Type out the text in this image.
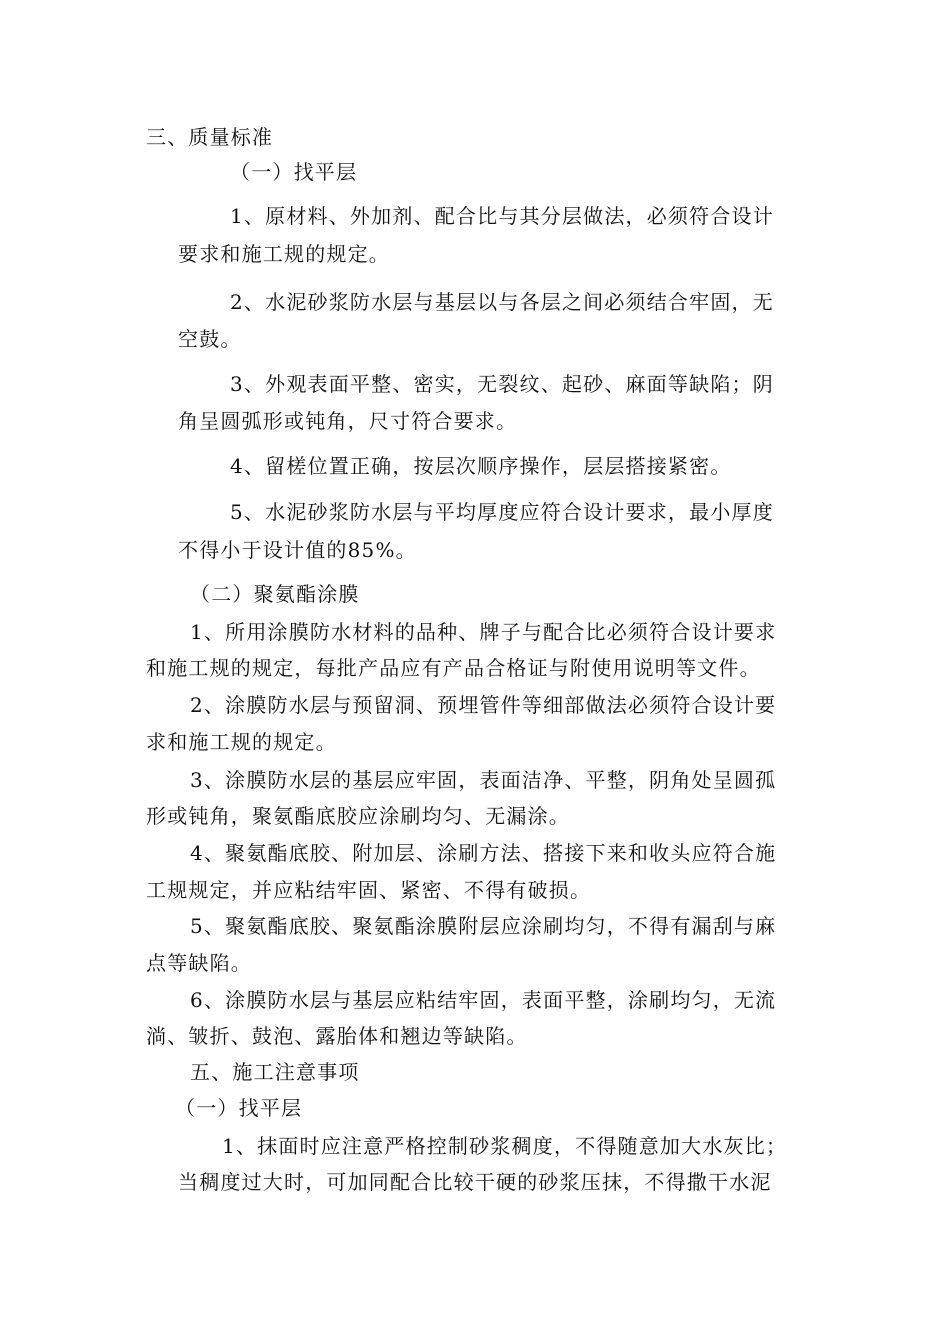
三、质量标准
（一）找平层
1、原材料、外加剂、配合比与其分层做法，必须符合设计
要求和施工规的规定。
2、水泥砂浆防水层与基层以与各层之间必须结合牢固，无
空鼓。
3、外观表面平整、密实，无裂纹、起砂、麻面等缺陷；阴
角呈圆弧形或钝角，尺寸符合要求。
4、留槎位置正确，按层次顺序操作，层层搭接紧密。
5、水泥砂浆防水层与平均厚度应符合设计要求，最小厚度
不得小于设计值的85%。
（二）聚氨酯涂膜
1、所用涂膜防水材料的品种、牌子与配合比必须符合设计要求
和施工规的规定，每批产品应有产品合格证与附使用说明等文件。
2、涂膜防水层与预留洞、预埋管件等细部做法必须符合设计要
求和施工规的规定。
3、涂膜防水层的基层应牢固，表面洁净、平整，阴角处呈圆孤
形或钝角，聚氨酯底胶应涂刷均匀、无漏涂。
4、聚氨酯底胶、附加层、涂刷方法、搭接下来和收头应符合施
工规规定，并应粘结牢固、紧密、不得有破损。
5、聚氨酯底胶、聚氨酯涂膜附层应涂刷均匀，不得有漏刮与麻
点等缺陷。
6、涂膜防水层与基层应粘结牢固，表面平整，涂刷均匀，无流
淌、皱折、鼓泡、露胎体和翘边等缺陷。
五、施工注意事项
（一）找平层
1、抹面时应注意严格控制砂浆稠度，不得随意加大水灰比；
当稠度过大时，可加同配合比较干硬的砂浆压抹，不得撒干水泥
